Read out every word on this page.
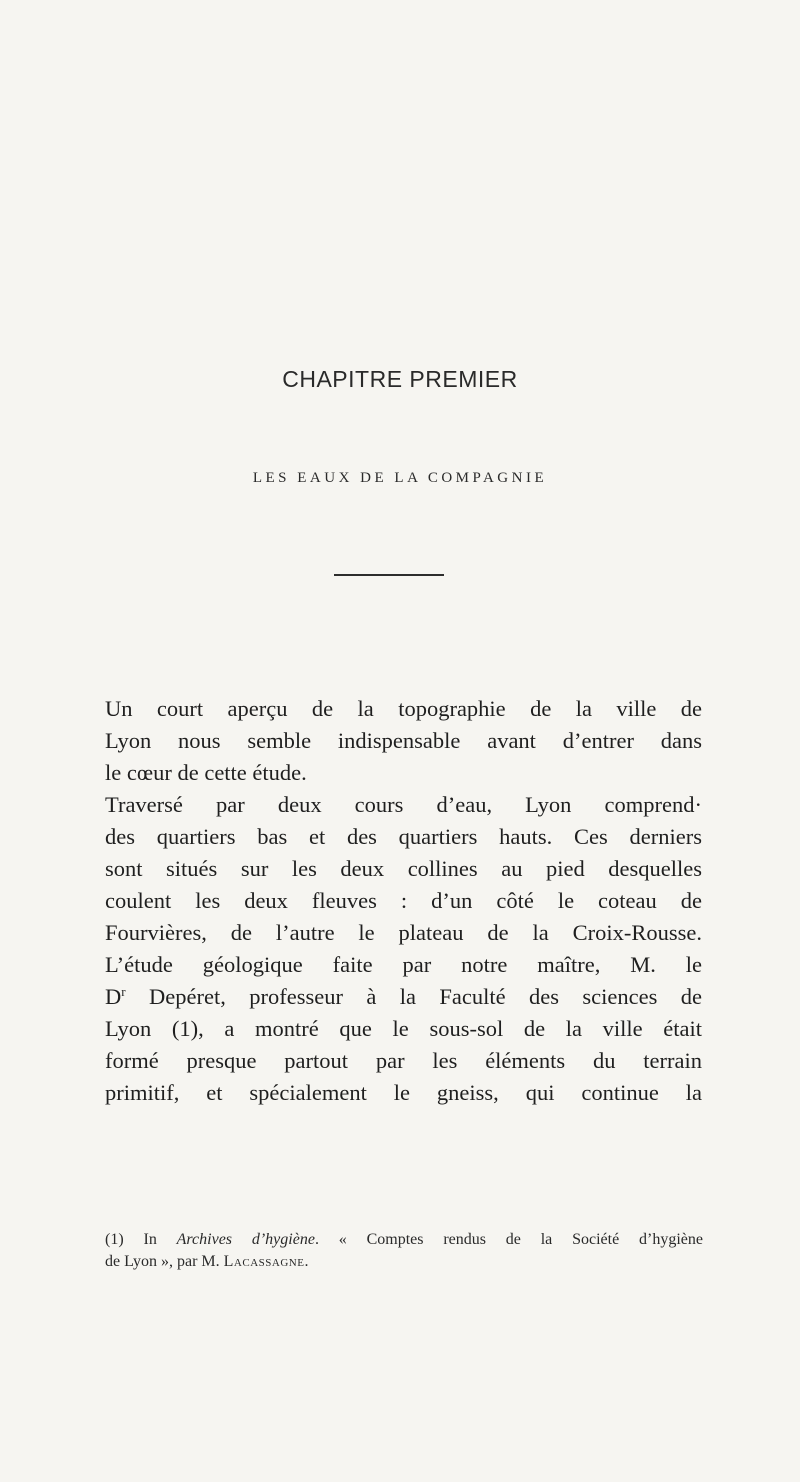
CHAPITRE PREMIER
LES EAUX DE LA COMPAGNIE
Un court aperçu de la topographie de la ville de
Lyon nous semble indispensable avant d’entrer dans
le cœur de cette étude.
Traversé par deux cours d’eau, Lyon comprend·
des quartiers bas et des quartiers hauts. Ces derniers
sont situés sur les deux collines au pied desquelles
coulent les deux fleuves : d’un côté le coteau de
Fourvières, de l’autre le plateau de la Croix-Rousse.
L’étude géologique faite par notre maître, M. le
$D^r$ Depéret, professeur à la Faculté des sciences de
Lyon (1), a montré que le sous-sol de la ville était
formé presque partout par les éléments du terrain
primitif, et spécialement le gneiss, qui continue la
(1) In Archives d’hygiène. « Comptes rendus de la Société d’hygiène
de Lyon », par M. Lacassagne.
